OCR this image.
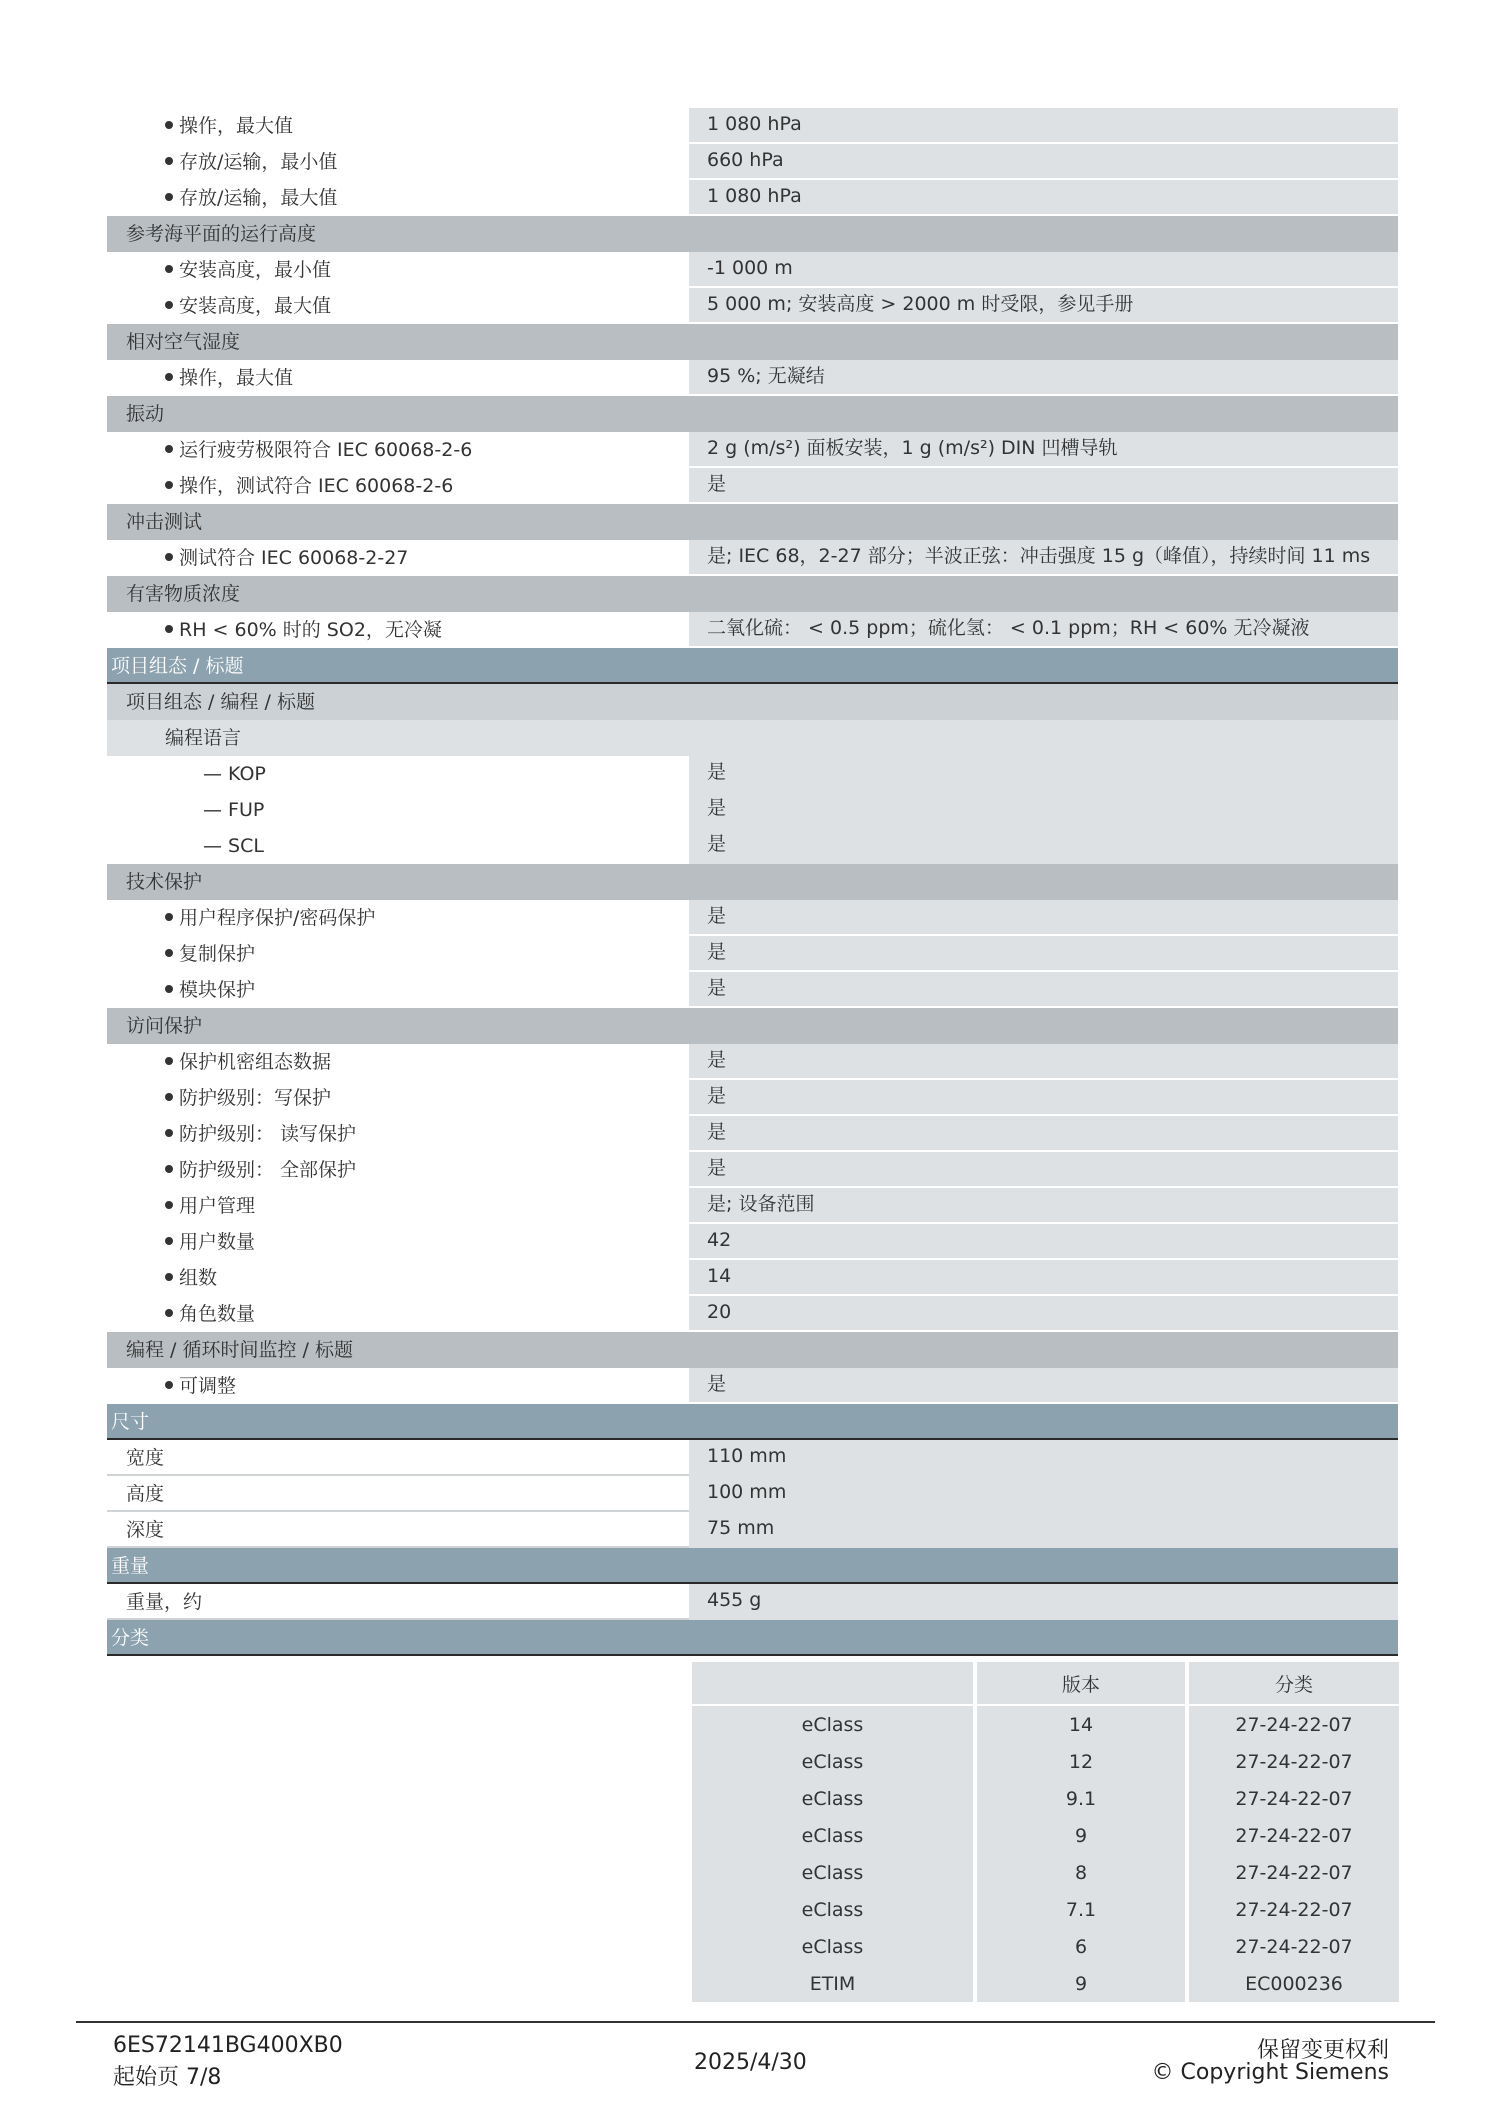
操作，最大值	1 080 hPa
存放/运输，最小值	660 hPa
存放/运输，最大值	1 080 hPa
参考海平面的运行高度
安装高度，最小值	-1 000 m
安装高度，最大值	5 000 m; 安装高度 > 2000 m 时受限，参见手册
相对空气湿度
操作，最大值	95 %; 无凝结
振动
运行疲劳极限符合 IEC 60068-2-6	2 g (m/s²) 面板安装，1 g (m/s²) DIN 凹槽导轨
操作，测试符合 IEC 60068-2-6	是
冲击测试
测试符合 IEC 60068-2-27	是; IEC 68，2-27 部分；半波正弦：冲击强度 15 g（峰值），持续时间 11 ms
有害物质浓度
RH < 60% 时的 SO2，无冷凝	二氧化硫： < 0.5 ppm；硫化氢： < 0.1 ppm；RH < 60% 无冷凝液
项目组态 / 标题
项目组态 / 编程 / 标题
编程语言
— KOP	是
— FUP	是
— SCL	是
技术保护
用户程序保护/密码保护	是
复制保护	是
模块保护	是
访问保护
保护机密组态数据	是
防护级别：写保护	是
防护级别： 读写保护	是
防护级别： 全部保护	是
用户管理	是; 设备范围
用户数量	42
组数	14
角色数量	20
编程 / 循环时间监控 / 标题
可调整	是
尺寸
宽度	110 mm
高度	100 mm
深度	75 mm
重量
重量，约	455 g
分类
	版本	分类
eClass	14	27-24-22-07
eClass	12	27-24-22-07
eClass	9.1	27-24-22-07
eClass	9	27-24-22-07
eClass	8	27-24-22-07
eClass	7.1	27-24-22-07
eClass	6	27-24-22-07
ETIM	9	EC000236
6ES72141BG400XB0
起始页 7/8
2025/4/30	保留变更权利
© Copyright Siemens
